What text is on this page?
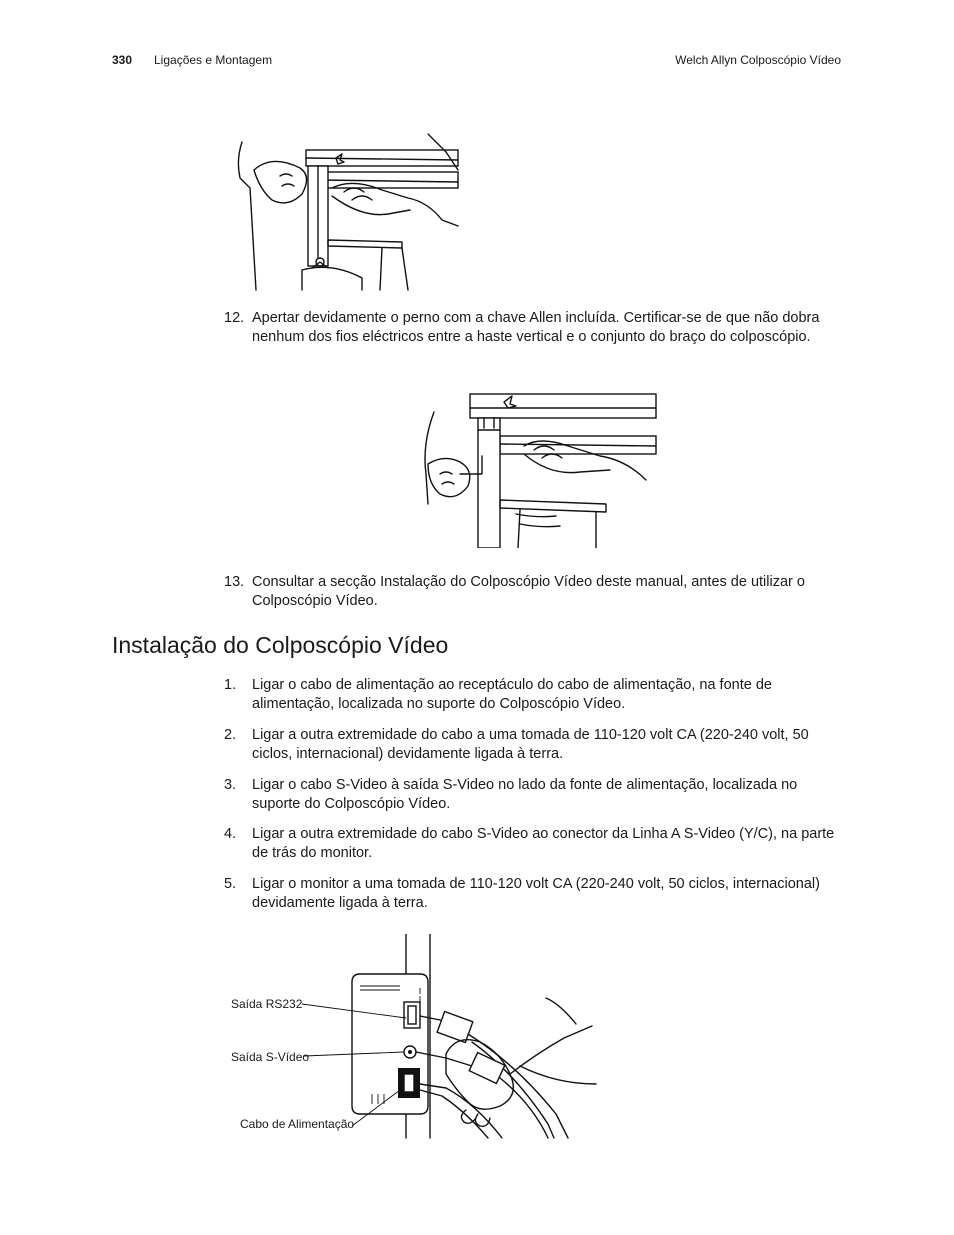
330 Ligações e Montagem	Welch Allyn Colposcópio Vídeo
12. Apertar devidamente o perno com a chave Allen incluída. Certificar-se de que não dobra nenhum dos fios eléctricos entre a haste vertical e o conjunto do braço do colposcópio.
13. Consultar a secção Instalação do Colposcópio Vídeo deste manual, antes de utilizar o Colposcópio Vídeo.
Instalação do Colposcópio Vídeo
1. Ligar o cabo de alimentação ao receptáculo do cabo de alimentação, na fonte de alimentação, localizada no suporte do Colposcópio Vídeo.
2. Ligar a outra extremidade do cabo a uma tomada de 110-120 volt CA (220-240 volt, 50 ciclos, internacional) devidamente ligada à terra.
3. Ligar o cabo S-Video à saída S-Video no lado da fonte de alimentação, localizada no suporte do Colposcópio Vídeo.
4. Ligar a outra extremidade do cabo S-Video ao conector da Linha A S-Video (Y/C), na parte de trás do monitor.
5. Ligar o monitor a uma tomada de 110-120 volt CA (220-240 volt, 50 ciclos, internacional) devidamente ligada à terra.
Saída RS232
Saída S-Vídeo
Cabo de Alimentação
